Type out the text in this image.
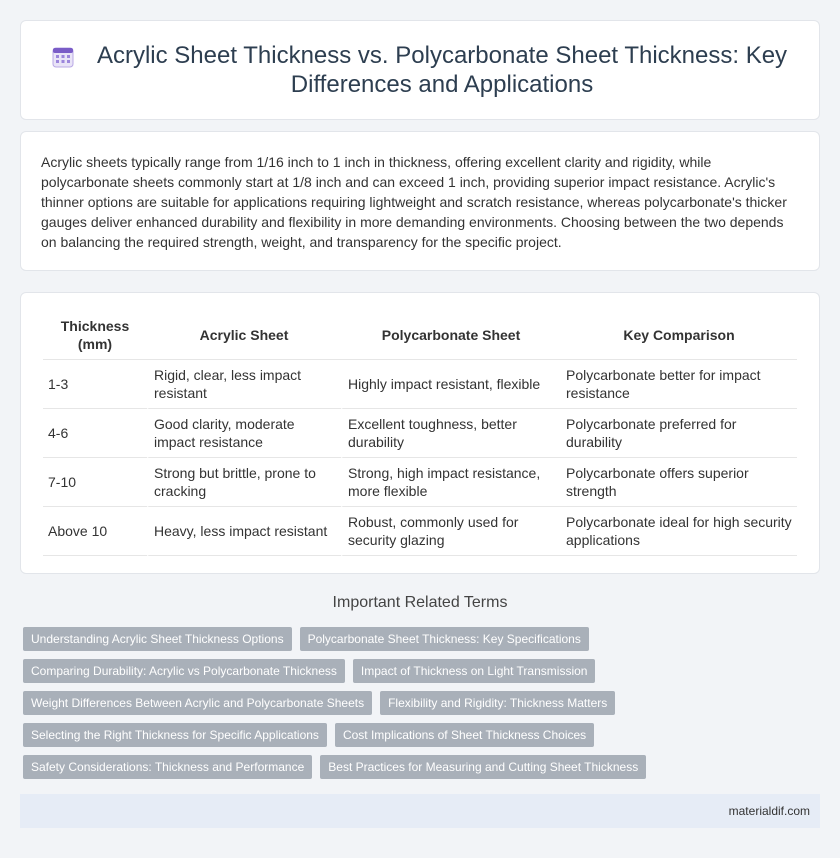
Acrylic Sheet Thickness vs. Polycarbonate Sheet Thickness: Key Differences and Applications

Acrylic sheets typically range from 1/16 inch to 1 inch in thickness, offering excellent clarity and rigidity, while polycarbonate sheets commonly start at 1/8 inch and can exceed 1 inch, providing superior impact resistance. Acrylic's thinner options are suitable for applications requiring lightweight and scratch resistance, whereas polycarbonate's thicker gauges deliver enhanced durability and flexibility in more demanding environments. Choosing between the two depends on balancing the required strength, weight, and transparency for the specific project.

Thickness (mm)	Acrylic Sheet	Polycarbonate Sheet	Key Comparison
1-3	Rigid, clear, less impact resistant	Highly impact resistant, flexible	Polycarbonate better for impact resistance
4-6	Good clarity, moderate impact resistance	Excellent toughness, better durability	Polycarbonate preferred for durability
7-10	Strong but brittle, prone to cracking	Strong, high impact resistance, more flexible	Polycarbonate offers superior strength
Above 10	Heavy, less impact resistant	Robust, commonly used for security glazing	Polycarbonate ideal for high security applications
Important Related Terms
Understanding Acrylic Sheet Thickness Options	Polycarbonate Sheet Thickness: Key Specifications
Comparing Durability: Acrylic vs Polycarbonate Thickness	Impact of Thickness on Light Transmission
Weight Differences Between Acrylic and Polycarbonate Sheets	Flexibility and Rigidity: Thickness Matters
Selecting the Right Thickness for Specific Applications	Cost Implications of Sheet Thickness Choices
Safety Considerations: Thickness and Performance	Best Practices for Measuring and Cutting Sheet Thickness
materialdif.com
